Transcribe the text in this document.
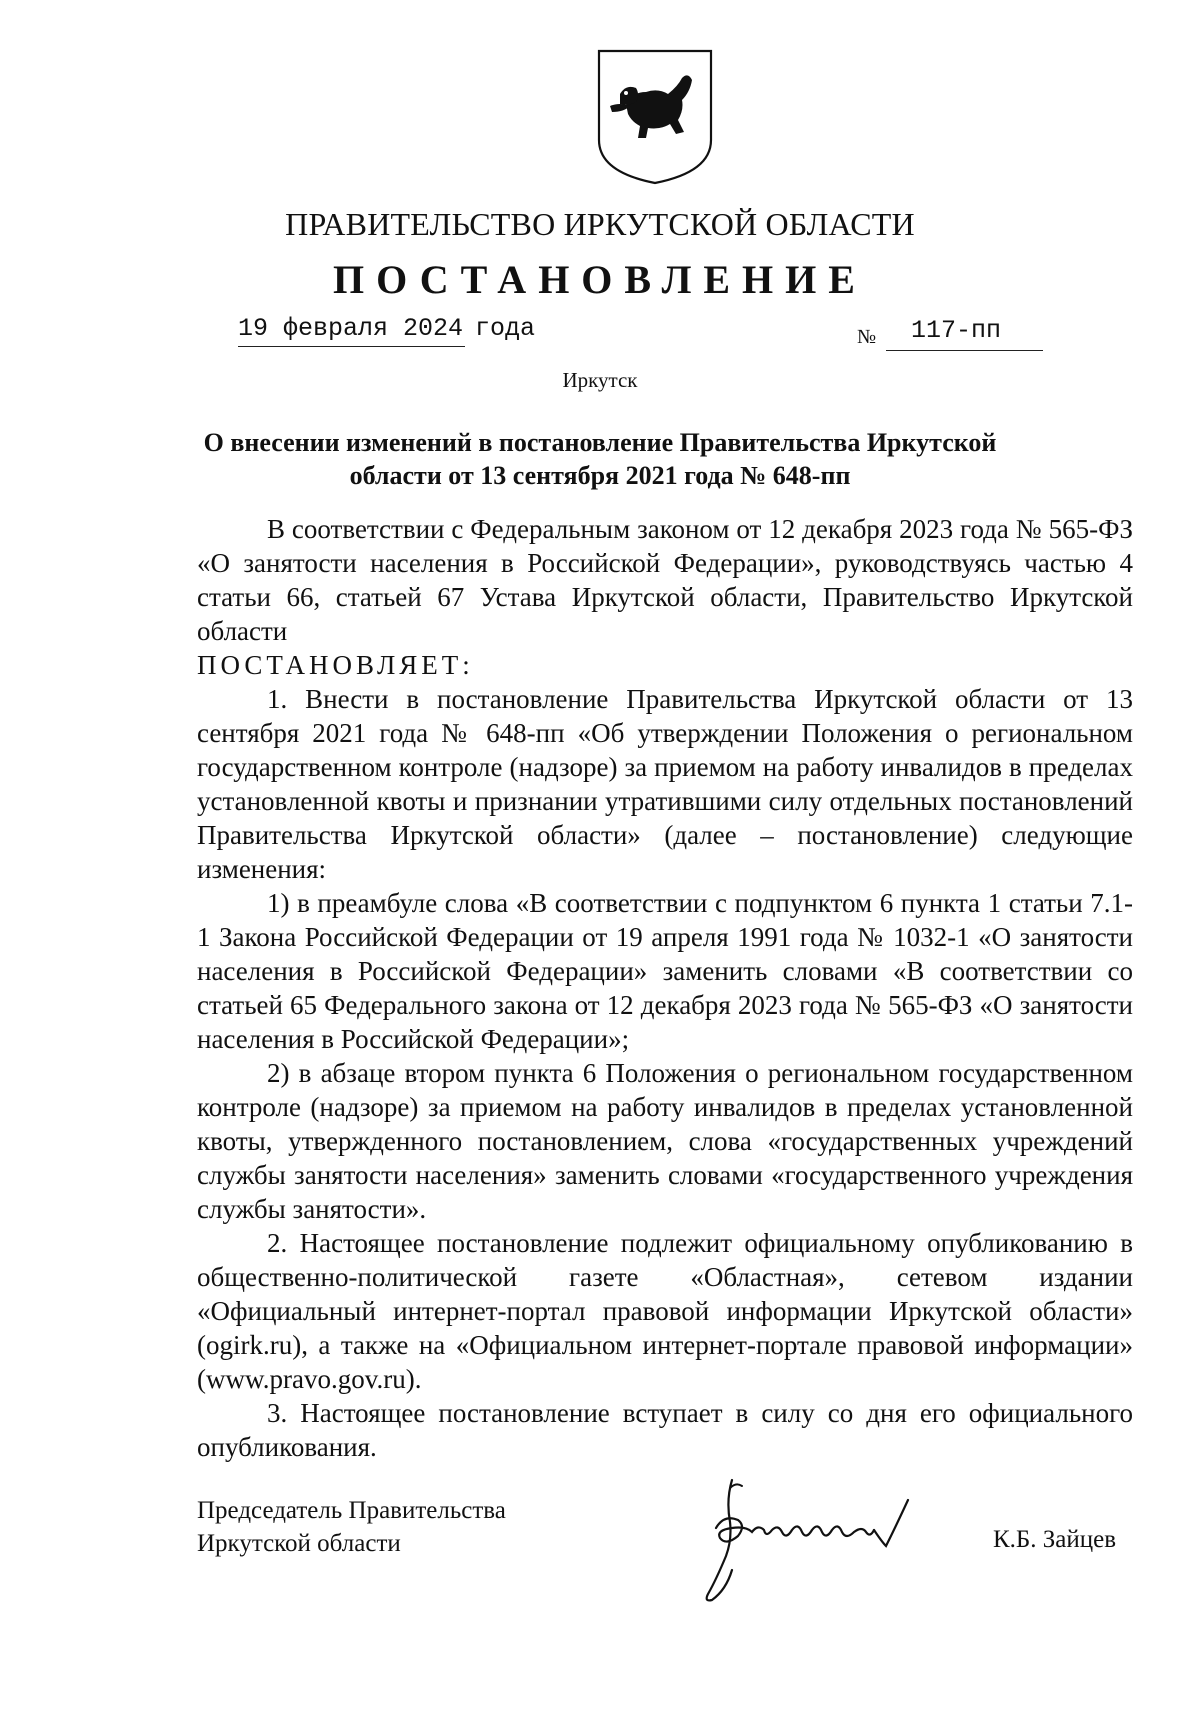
ПРАВИТЕЛЬСТВО ИРКУТСКОЙ ОБЛАСТИ
ПОСТАНОВЛЕНИЕ
19 февраля 2024 года	№ 117-пп
Иркутск
О внесении изменений в постановление Правительства Иркутской
области от 13 сентября 2021 года № 648-пп

В соответствии с Федеральным законом от 12 декабря 2023 года № 565-ФЗ «О занятости населения в Российской Федерации», руководствуясь частью 4 статьи 66, статьей 67 Устава Иркутской области, Правительство Иркутской области

ПОСТАНОВЛЯЕТ:

1. Внести в постановление Правительства Иркутской области от 13 сентября 2021 года № 648-пп «Об утверждении Положения о региональном государственном контроле (надзоре) за приемом на работу инвалидов в пределах установленной квоты и признании утратившими силу отдельных постановлений Правительства Иркутской области» (далее – постановление) следующие изменения:

1) в преамбуле слова «В соответствии с подпунктом 6 пункта 1 статьи 7.1-1 Закона Российской Федерации от 19 апреля 1991 года № 1032-1 «О занятости населения в Российской Федерации» заменить словами «В соответствии со статьей 65 Федерального закона от 12 декабря 2023 года № 565-ФЗ «О занятости населения в Российской Федерации»;

2) в абзаце втором пункта 6 Положения о региональном государственном контроле (надзоре) за приемом на работу инвалидов в пределах установленной квоты, утвержденного постановлением, слова «государственных учреждений службы занятости населения» заменить словами «государственного учреждения службы занятости».

2. Настоящее постановление подлежит официальному опубликованию в общественно-политической газете «Областная», сетевом издании «Официальный интернет-портал правовой информации Иркутской области» (ogirk.ru), а также на «Официальном интернет-портале правовой информации» (www.pravo.gov.ru).

3. Настоящее постановление вступает в силу со дня его официального опубликования.

Председатель Правительства
Иркутской области	К.Б. Зайцев
